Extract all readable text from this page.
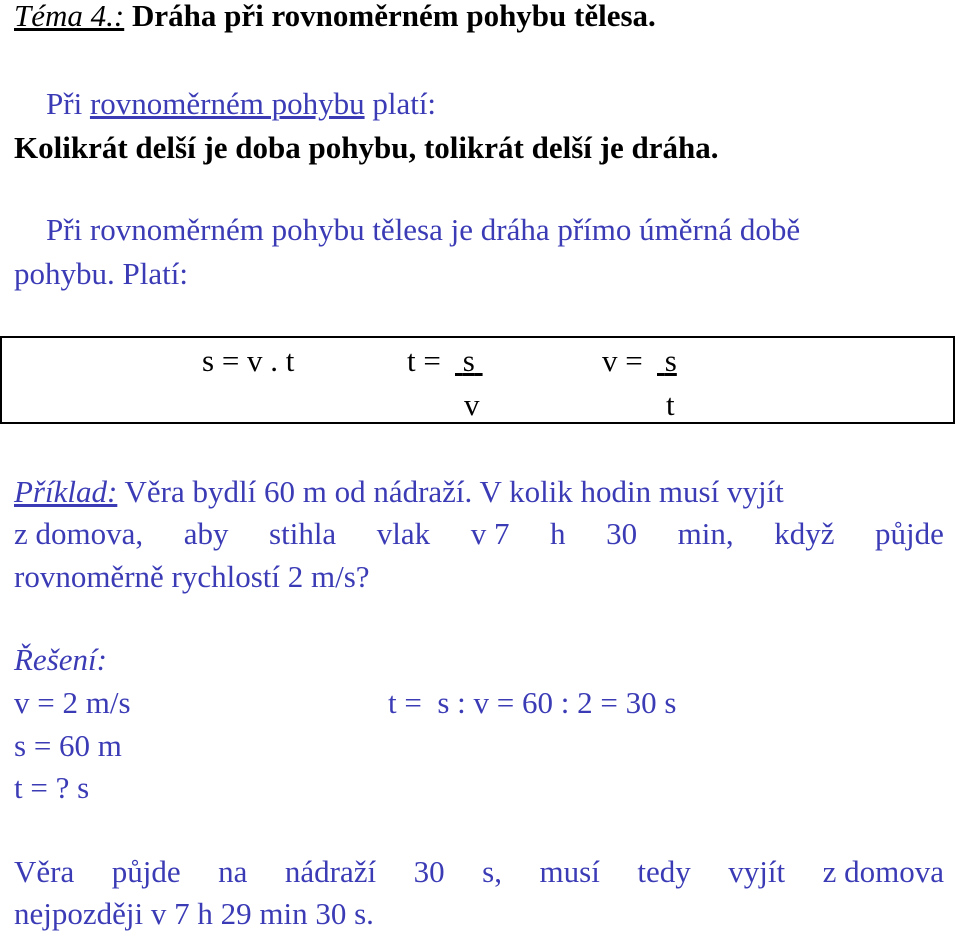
Téma 4.: Dráha při rovnoměrném pohybu tělesa.
Při rovnoměrném pohybu platí:
Kolikrát delší je doba pohybu, tolikrát delší je dráha.
Při rovnoměrném pohybu tělesa je dráha přímo úměrná době
pohybu. Platí:
s = v . t	t = s
v
v = s
t
Příklad: Věra bydlí 60 m od nádraží. V kolik hodin musí vyjít
z domova, aby stihla vlak v 7 h 30 min, když půjde
rovnoměrně rychlostí 2 m/s?
Řešení:
v = 2 m/s	t =  s : v = 60 : 2 = 30 s
s = 60 m
t = ? s
Věra půjde na nádraží 30 s, musí tedy vyjít z domova
nejpozději v 7 h 29 min 30 s.
